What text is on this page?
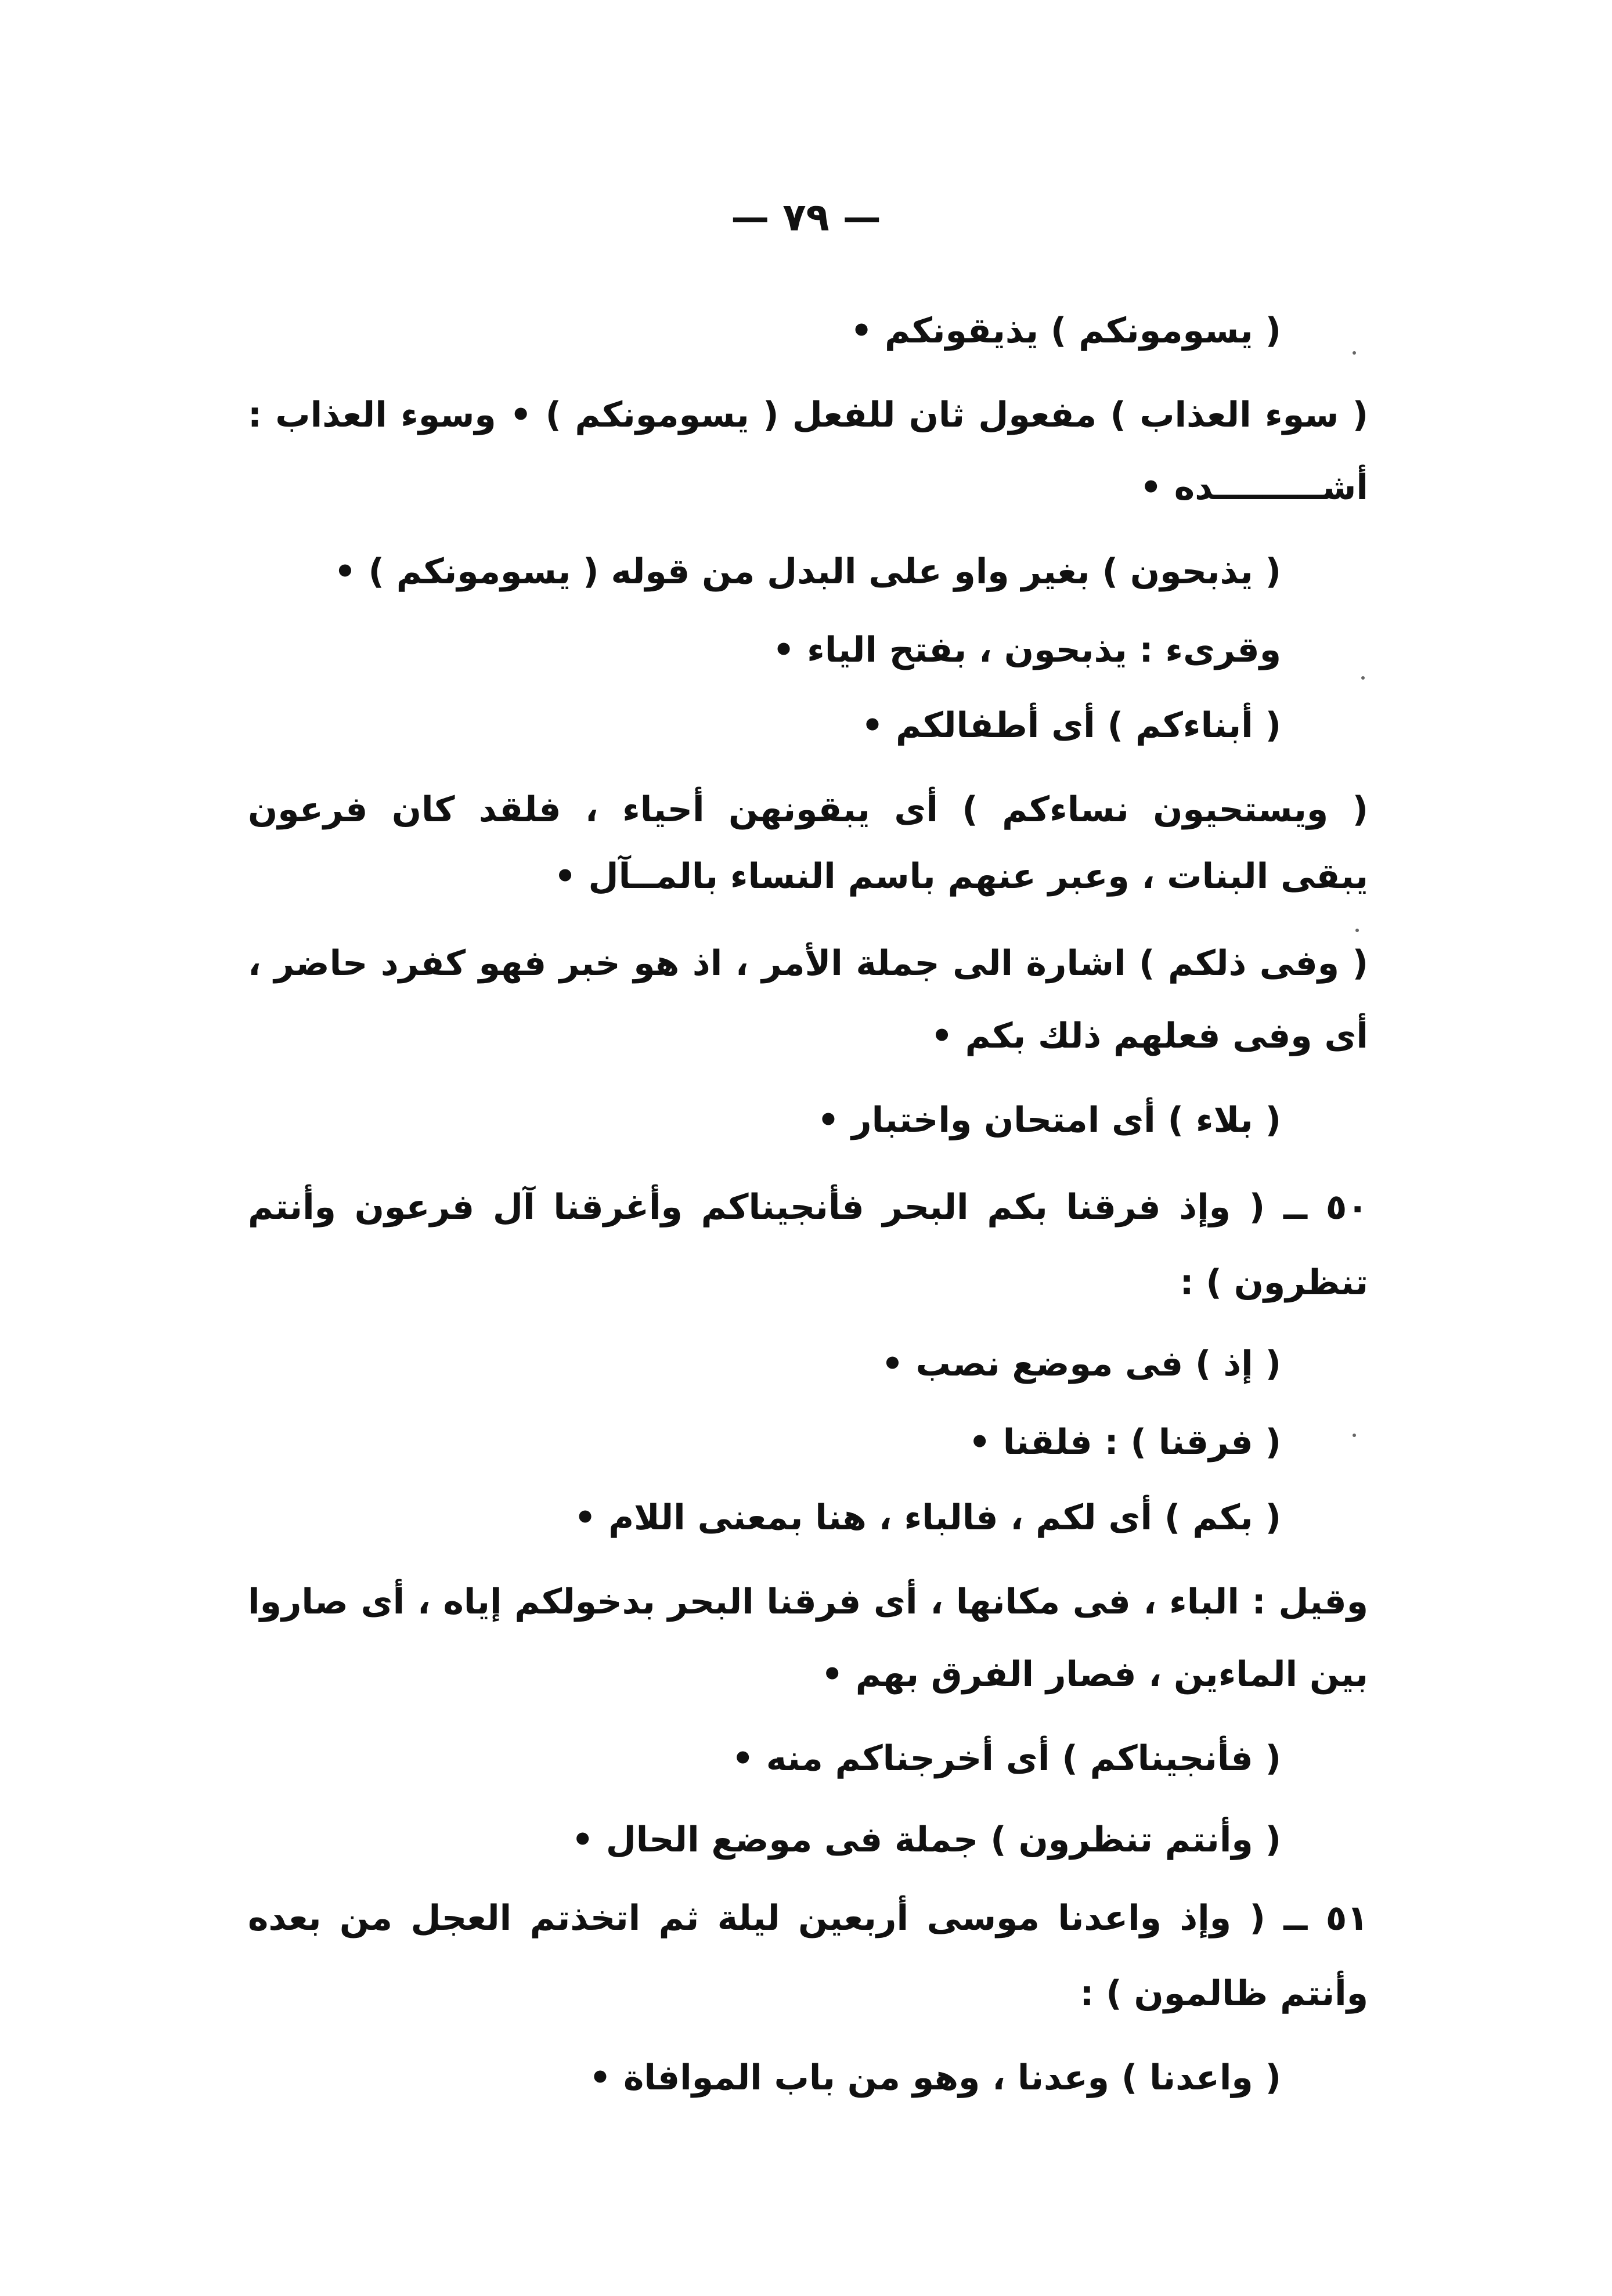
— ٧٩ —
( يسومونكم ) يذيقونكم •
( سوء العذاب ) مفعول ثان للفعل ( يسومونكم ) • وسوء العذاب :
أشـــــــــده •
( يذبحون ) بغير واو على البدل من قوله ( يسومونكم ) •
وقرىء : يذبحون ، بفتح الياء •
( أبناءكم ) أى أطفالكم •
( ويستحيون نساءكم ) أى يبقونهن أحياء ، فلقد كان فرعون
يبقى البنات ، وعبر عنهم باسم النساء بالمــآل •
( وفى ذلكم ) اشارة الى جملة الأمر ، اذ هو خبر فهو كفرد حاضر ،
أى وفى فعلهم ذلك بكم •
( بلاء ) أى امتحان واختبار •
٥٠ ــ ( وإذ فرقنا بكم البحر فأنجيناكم وأغرقنا آل فرعون وأنتم
تنظرون ) :
( إذ ) فى موضع نصب •
( فرقنا ) : فلقنا •
( بكم ) أى لكم ، فالباء ، هنا بمعنى اللام •
وقيل : الباء ، فى مكانها ، أى فرقنا البحر بدخولكم إياه ، أى صاروا
بين الماءين ، فصار الفرق بهم •
( فأنجيناكم ) أى أخرجناكم منه •
( وأنتم تنظرون ) جملة فى موضع الحال •
٥١ ــ ( وإذ واعدنا موسى أربعين ليلة ثم اتخذتم العجل من بعده
وأنتم ظالمون ) :
( واعدنا ) وعدنا ، وهو من باب الموافاة •
